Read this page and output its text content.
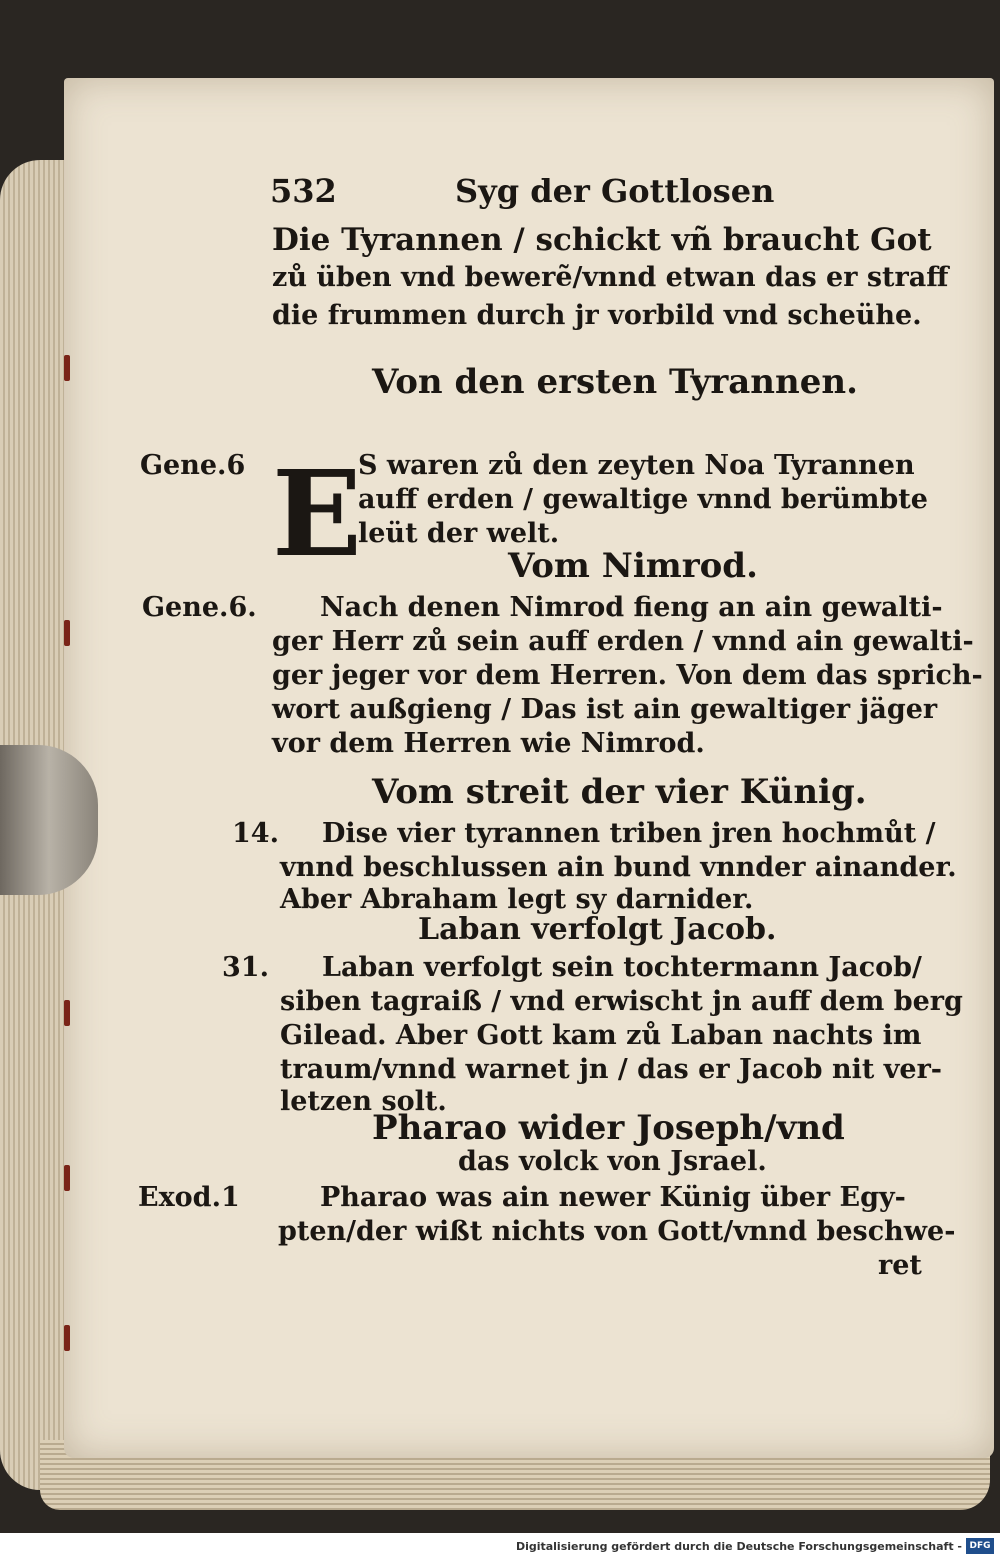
532	Syg der Gottlosen
Die Tyrannen / schickt vñ braucht Got
zů üben vnd bewerẽ/vnnd etwan das er straff
die frummen durch jr vorbild vnd scheühe.
Von den ersten Tyrannen.
Gene.6 E
S waren zů den zeyten Noa Tyrannen
auff erden / gewaltige vnnd berümbte
leüt der welt.
Vom Nimrod.
Gene.6. Nach denen Nimrod fieng an ain gewalti-
ger Herr zů sein auff erden / vnnd ain gewalti-
ger jeger vor dem Herren. Von dem das sprich-
wort außgieng / Das ist ain gewaltiger jäger
vor dem Herren wie Nimrod.
Vom streit der vier Künig.
14. Dise vier tyrannen triben jren hochmůt /
vnnd beschlussen ain bund vnnder ainander.
Aber Abraham legt sy darnider.
Laban verfolgt Jacob.
31. Laban verfolgt sein tochtermann Jacob/
siben tagraiß / vnd erwischt jn auff dem berg
Gilead. Aber Gott kam zů Laban nachts im
traum/vnnd warnet jn / das er Jacob nit ver-
letzen solt.
Pharao wider Joseph/vnd
das volck von Jsrael.
Exod.1	Pharao was ain newer Künig über Egy-
pten/der wißt nichts von Gott/vnnd beschwe-
ret
Digitalisierung gefördert durch die Deutsche Forschungsgemeinschaft - DFG
